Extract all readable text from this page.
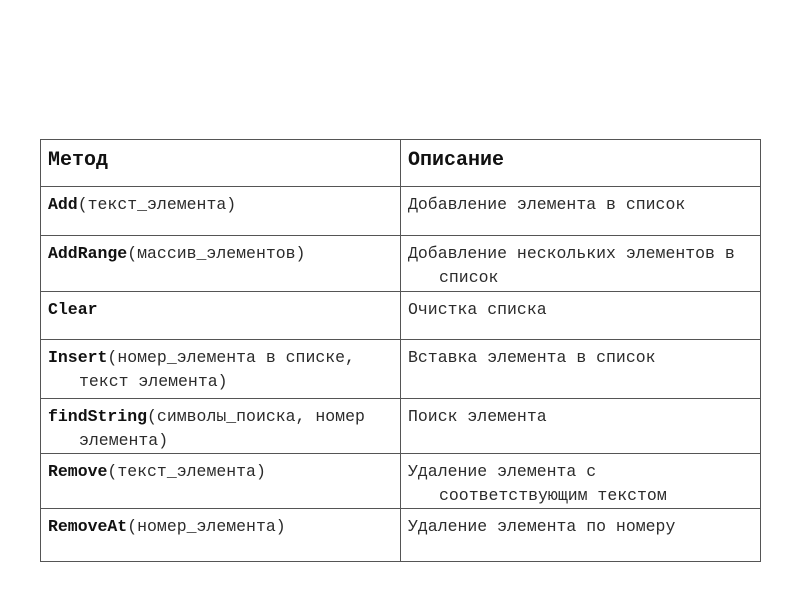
Метод	Описание

Add(текст_элемента)	Добавление элемента в список

AddRange(массив_элементов)	Добавление нескольких элементов в список

Clear	Очистка списка

Insert(номер_элемента в списке, текст элемента)	Вставка элемента в список

findString(символы_поиска, номер элемента)	Поиск элемента

Remove(текст_элемента)	Удаление элемента с соответствующим текстом

RemoveAt(номер_элемента)	Удаление элемента по номеру
